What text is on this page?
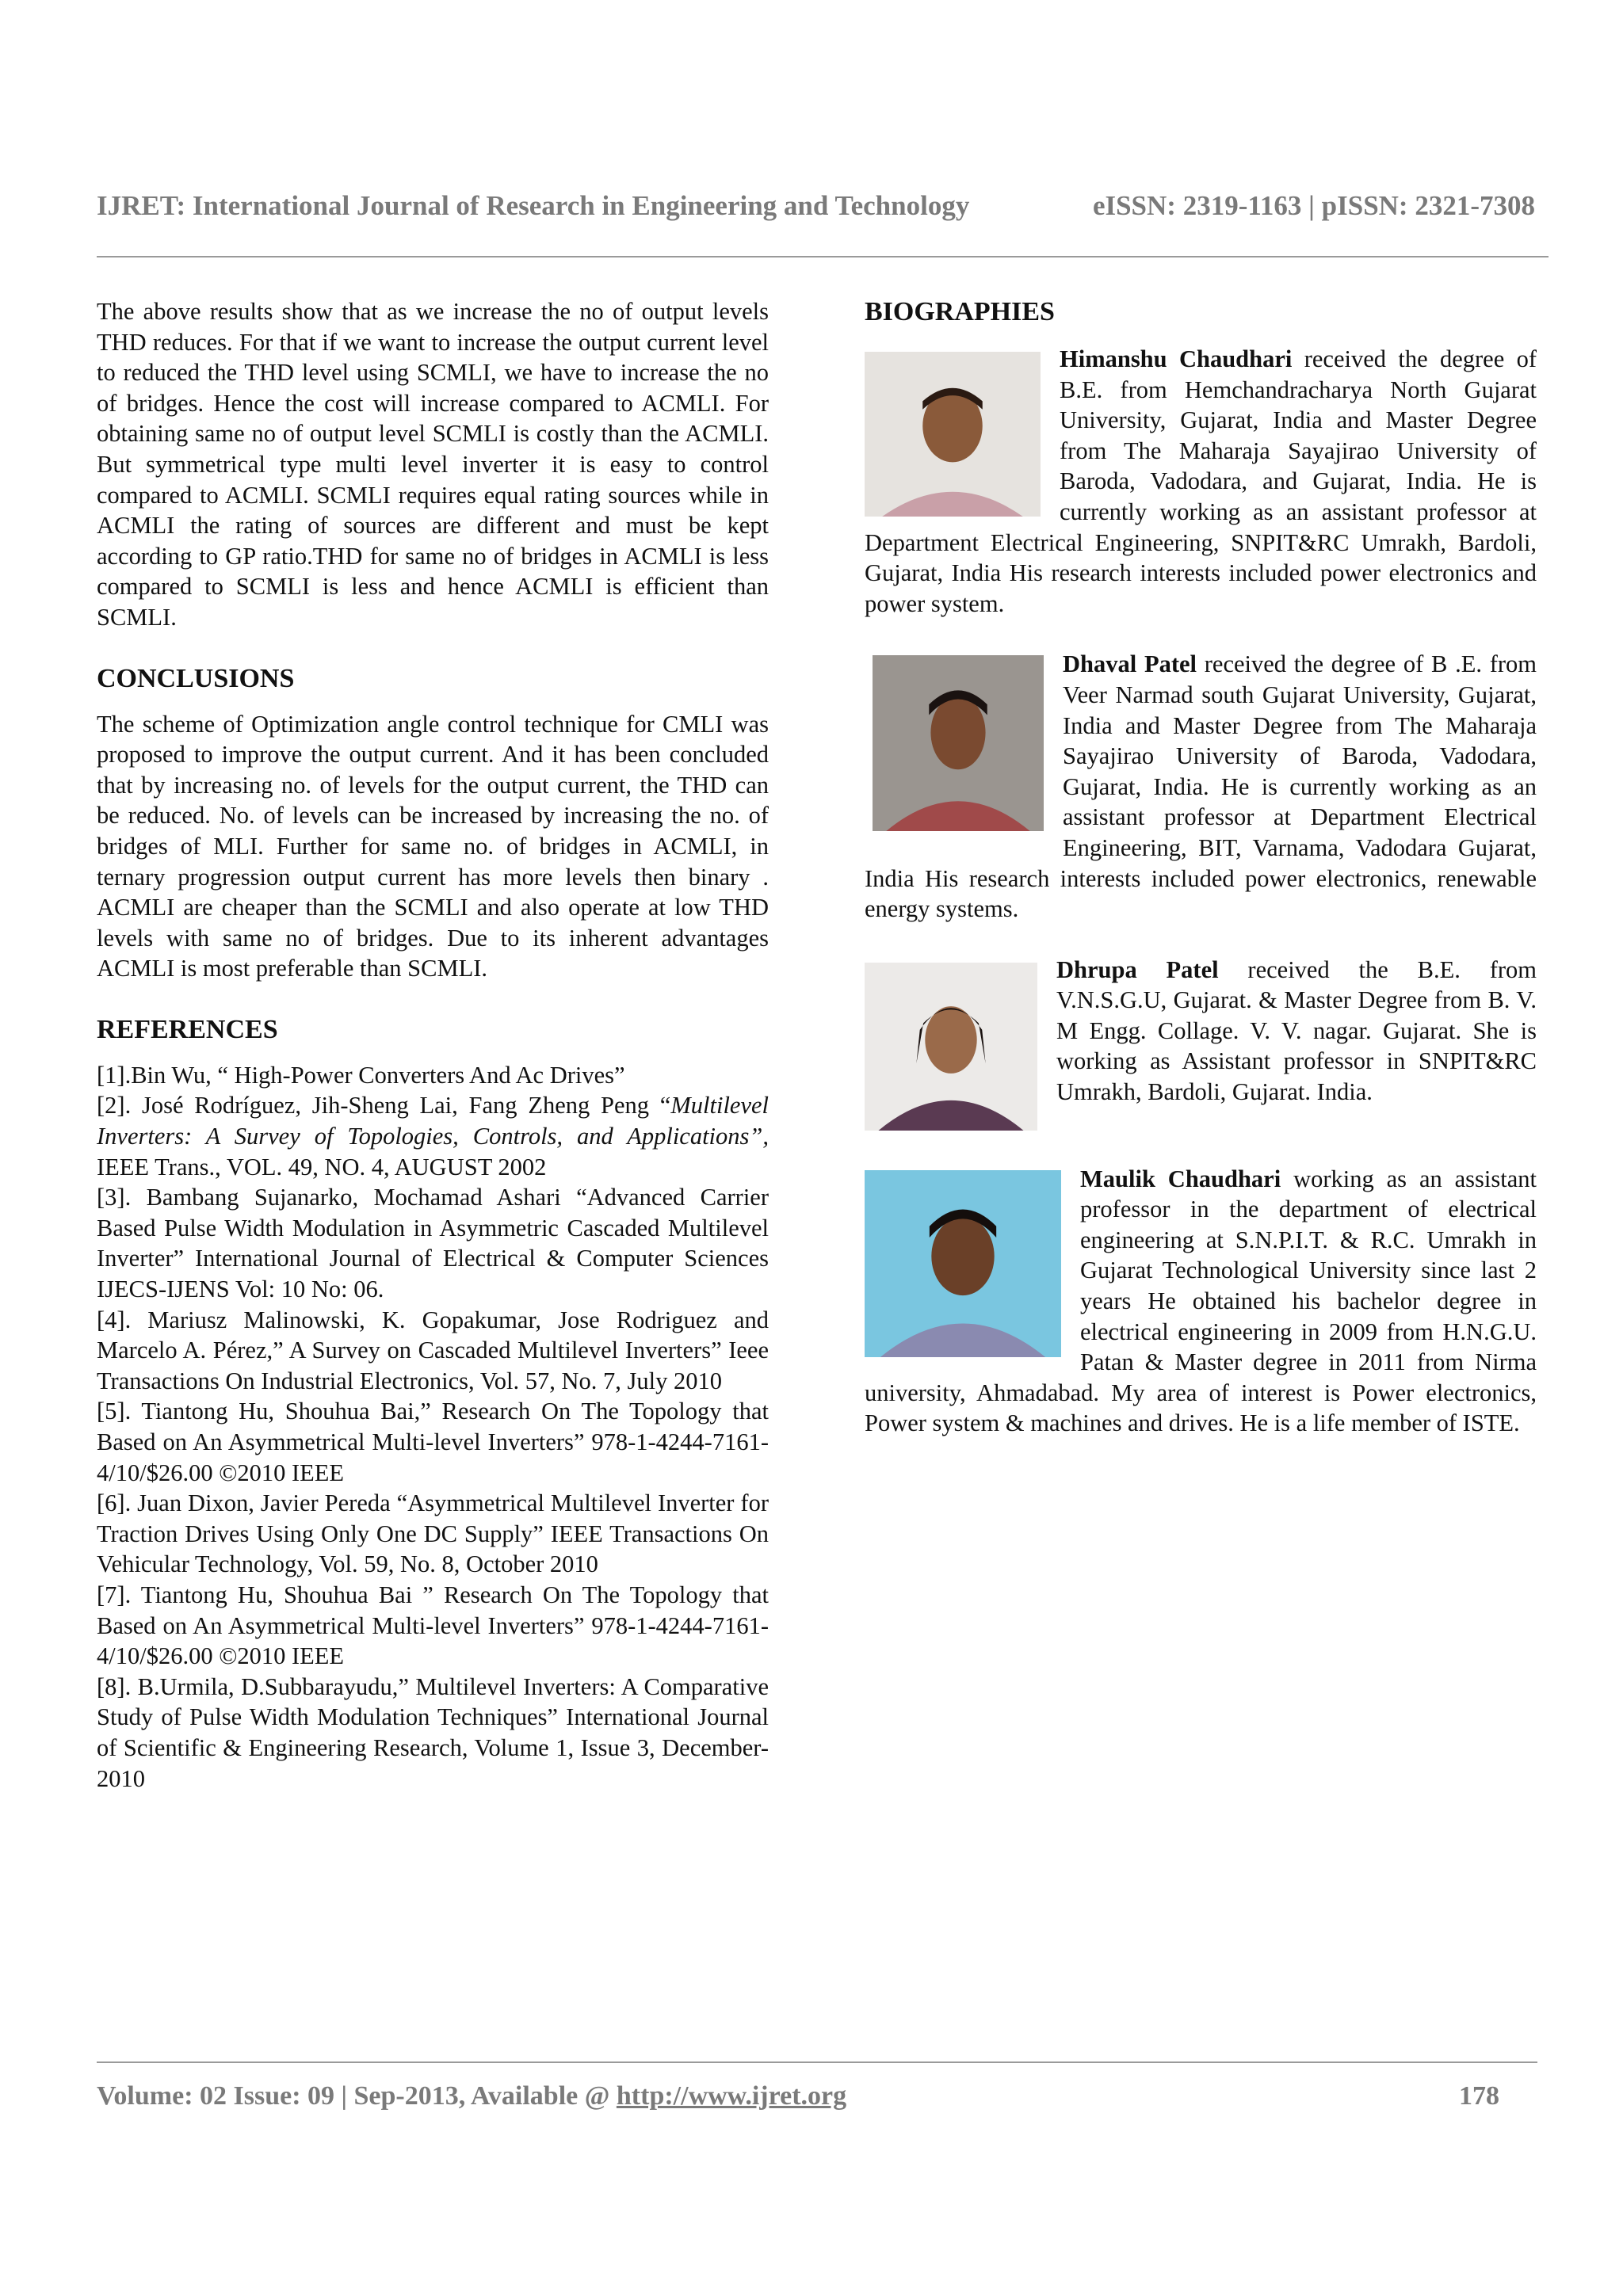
IJRET: International Journal of Research in Engineering and Technology	eISSN: 2319-1163 | pISSN: 2321-7308

The above results show that as we increase the no of output levels THD reduces. For that if we want to increase the output current level to reduced the THD level using SCMLI, we have to increase the no of bridges. Hence the cost will increase compared to ACMLI. For obtaining same no of output level SCMLI is costly than the ACMLI. But symmetrical type multi level inverter it is easy to control compared to ACMLI. SCMLI requires equal rating sources while in ACMLI the rating of sources are different and must be kept according to GP ratio.THD for same no of bridges in ACMLI is less compared to SCMLI is less and hence ACMLI is efficient than SCMLI.

CONCLUSIONS

The scheme of Optimization angle control technique for CMLI was proposed to improve the output current. And it has been concluded that by increasing no. of levels for the output current, the THD can be reduced. No. of levels can be increased by increasing the no. of bridges of MLI. Further for same no. of bridges in ACMLI, in ternary progression output current has more levels then binary . ACMLI are cheaper than the SCMLI and also operate at low THD levels with same no of bridges. Due to its inherent advantages ACMLI is most preferable than SCMLI.

REFERENCES

[1].Bin Wu, “ High-Power Converters And Ac Drives”

[2]. José Rodríguez, Jih-Sheng Lai, Fang Zheng Peng “Multilevel Inverters: A Survey of Topologies, Controls, and Applications”, IEEE Trans., VOL. 49, NO. 4, AUGUST 2002

[3]. Bambang Sujanarko, Mochamad Ashari “Advanced Carrier Based Pulse Width Modulation in Asymmetric Cascaded Multilevel Inverter” International Journal of Electrical & Computer Sciences IJECS-IJENS Vol: 10 No: 06.

[4]. Mariusz Malinowski, K. Gopakumar, Jose Rodriguez and Marcelo A. Pérez,” A Survey on Cascaded Multilevel Inverters” Ieee Transactions On Industrial Electronics, Vol. 57, No. 7, July 2010

[5]. Tiantong Hu, Shouhua Bai,” Research On The Topology that Based on An Asymmetrical Multi-level Inverters” 978-1-4244-7161-4/10/$26.00 ©2010 IEEE

[6]. Juan Dixon, Javier Pereda “Asymmetrical Multilevel Inverter for Traction Drives Using Only One DC Supply” IEEE Transactions On Vehicular Technology, Vol. 59, No. 8, October 2010

[7]. Tiantong Hu, Shouhua Bai ” Research On The Topology that Based on An Asymmetrical Multi-level Inverters” 978-1-4244-7161-4/10/$26.00 ©2010 IEEE

[8]. B.Urmila, D.Subbarayudu,” Multilevel Inverters: A Comparative Study of Pulse Width Modulation Techniques” International Journal of Scientific & Engineering Research, Volume 1, Issue 3, December-2010

BIOGRAPHIES

Himanshu Chaudhari received the degree of B.E. from Hemchandracharya North Gujarat University, Gujarat, India and Master Degree from The Maharaja Sayajirao University of Baroda, Vadodara, and Gujarat, India. He is currently working as an assistant professor at Department Electrical Engineering, SNPIT&RC Umrakh, Bardoli, Gujarat, India His research interests included power electronics and power system.

Dhaval Patel received the degree of B .E. from Veer Narmad south Gujarat University, Gujarat, India and Master Degree from The Maharaja Sayajirao University of Baroda, Vadodara, Gujarat, India. He is currently working as an assistant professor at Department Electrical Engineering, BIT, Varnama, Vadodara Gujarat, India His research interests included power electronics, renewable energy systems.

Dhrupa Patel received the B.E. from V.N.S.G.U, Gujarat. & Master Degree from B. V. M Engg. Collage. V. V. nagar. Gujarat. She is working as Assistant professor in SNPIT&RC Umrakh, Bardoli, Gujarat. India.

Maulik Chaudhari working as an assistant professor in the department of electrical engineering at S.N.P.I.T. & R.C. Umrakh in Gujarat Technological University since last 2 years He obtained his bachelor degree in electrical engineering in 2009 from H.N.G.U. Patan & Master degree in 2011 from Nirma university, Ahmadabad. My area of interest is Power electronics, Power system & machines and drives. He is a life member of ISTE.

Volume: 02 Issue: 09 | Sep-2013, Available @ http://www.ijret.org	178
